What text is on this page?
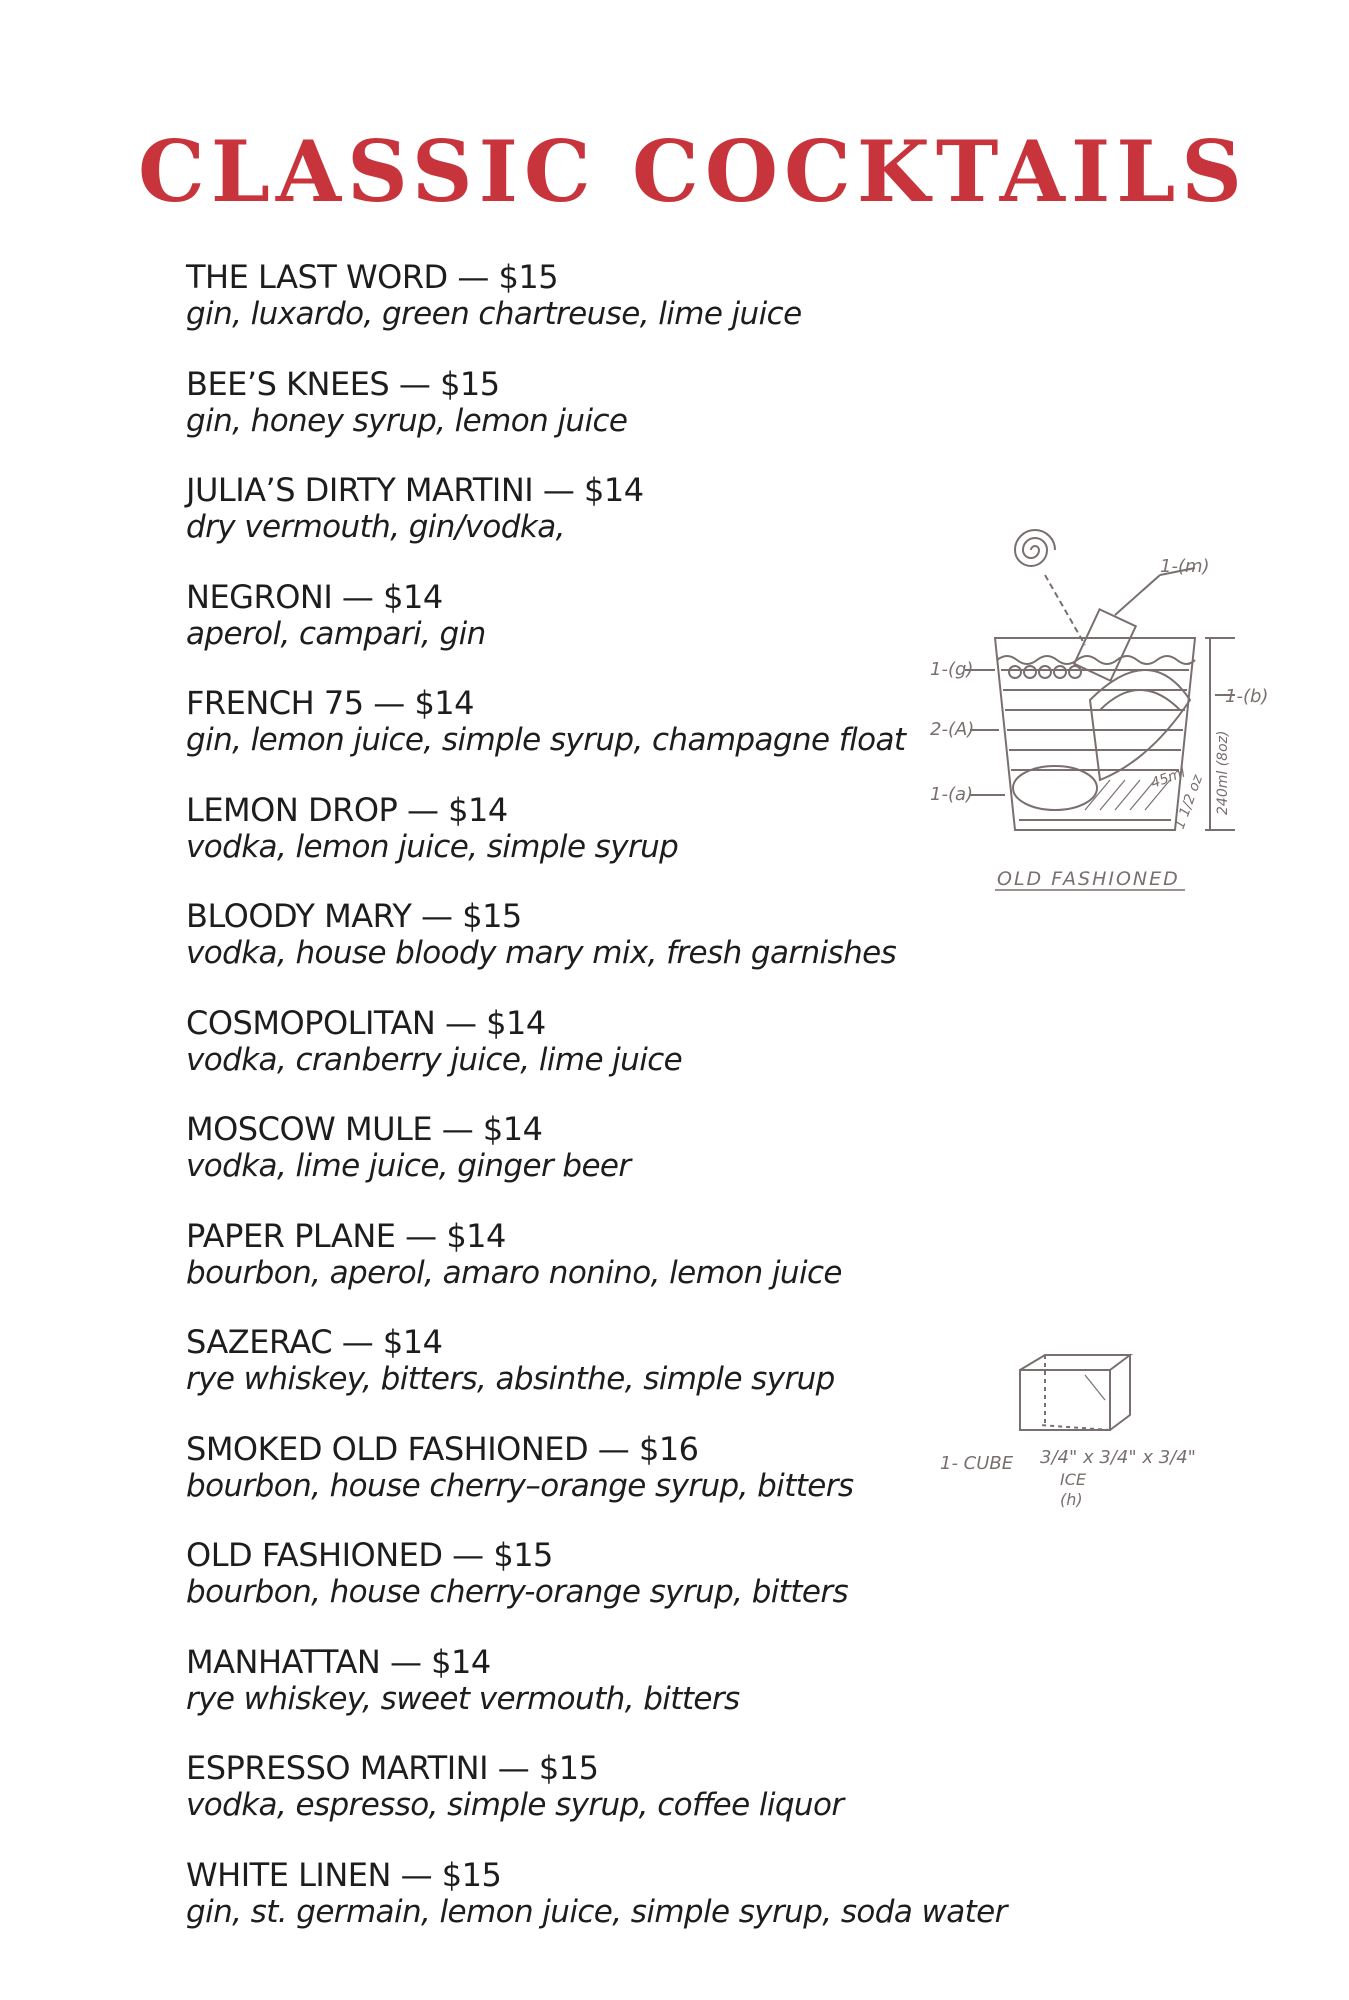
CLASSIC COCKTAILS
THE LAST WORD — $15
gin, luxardo, green chartreuse, lime juice
BEE’S KNEES — $15
gin, honey syrup, lemon juice
JULIA’S DIRTY MARTINI — $14
dry vermouth, gin/vodka,
NEGRONI — $14
aperol, campari, gin
FRENCH 75 — $14
gin, lemon juice, simple syrup, champagne float
LEMON DROP — $14
vodka, lemon juice, simple syrup
BLOODY MARY — $15
vodka, house bloody mary mix, fresh garnishes
COSMOPOLITAN — $14
vodka, cranberry juice, lime juice
MOSCOW MULE — $14
vodka, lime juice, ginger beer
PAPER PLANE — $14
bourbon, aperol, amaro nonino, lemon juice
SAZERAC — $14
rye whiskey, bitters, absinthe, simple syrup
SMOKED OLD FASHIONED — $16
bourbon, house cherry–orange syrup, bitters
OLD FASHIONED — $15
bourbon, house cherry-orange syrup, bitters
MANHATTAN — $14
rye whiskey, sweet vermouth, bitters
ESPRESSO MARTINI — $15
vodka, espresso, simple syrup, coffee liquor
WHITE LINEN — $15
gin, st. germain, lemon juice, simple syrup, soda water
1-(m)
1-(g)
2-(A)
1-(a)
1-(b)
240ml (8oz)
45ml
1 1/2 oz
OLD FASHIONED
1- CUBE 3/4" x 3/4" x 3/4"
ICE
(h)
